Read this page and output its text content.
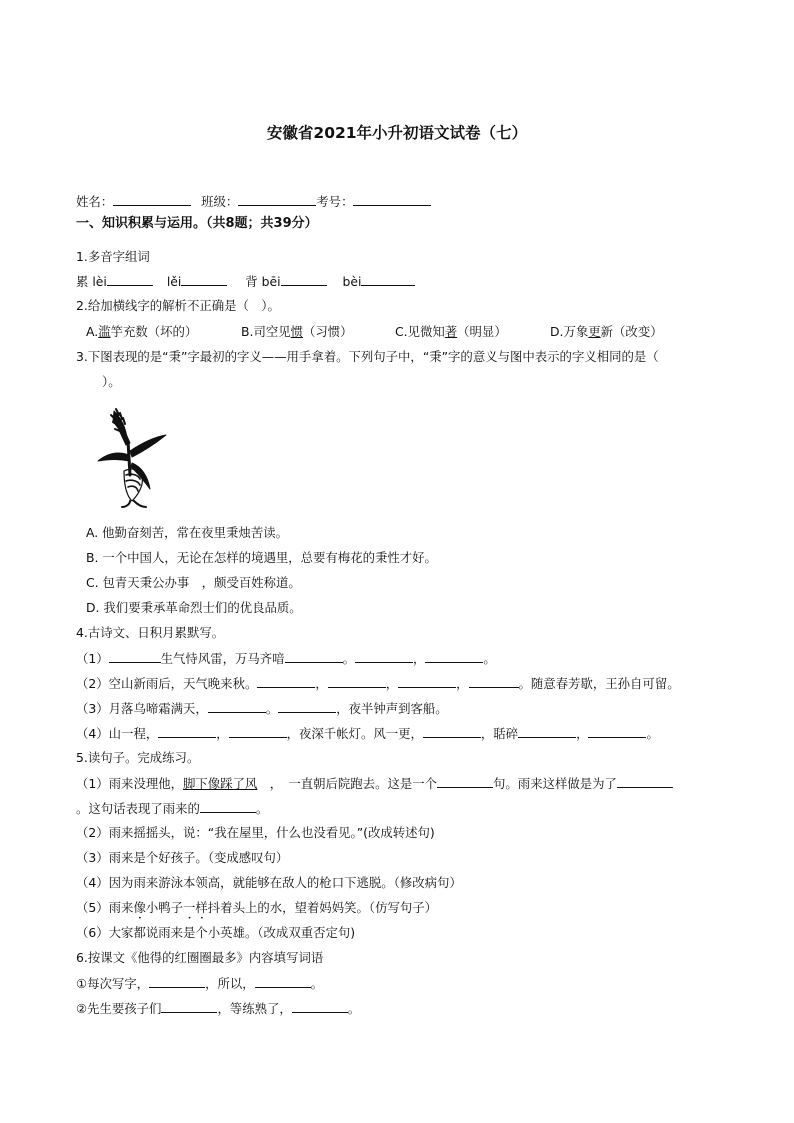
安徽省2021年小升初语文试卷（七）
姓名：	班级：	考号：
一、知识积累与运用。（共8题；共39分）
1.多音字组词
累 lèi	lěi	背 bēi	bèi
2.给加横线字的解析不正确是（　）。
A.滥竽充数（坏的）	B.司空见惯（习惯）	C.见微知著（明显）	D.万象更新（改变）
3.下图表现的是“秉”字最初的字义——用手拿着。下列句子中，“秉”字的意义与图中表示的字义相同的是（
）。
A. 他勤奋刻苦，常在夜里秉烛苦读。
B. 一个中国人，无论在怎样的境遇里，总要有梅花的秉性才好。
C. 包青天秉公办事　，颇受百姓称道。
D. 我们要秉承革命烈士们的优良品质。
4.古诗文、日积月累默写。
（1）	生气恃风雷，万马齐喑	。	，	。
（2）空山新雨后，天气晚来秋。	，	，	，	。随意春芳歇，王孙自可留。
（3）月落乌啼霜满天，	。	，夜半钟声到客船。
（4）山一程，	，	，夜深千帐灯。风一更，	，聒碎	，	。
5.读句子。完成练习。
（1）雨来没理他，脚下像踩了风　，　一直朝后院跑去。这是一个	句。雨来这样做是为了
。这句话表现了雨来的	。
（2）雨来摇摇头，说：“我在屋里，什么也没看见。”(改成转述句)
（3）雨来是个好孩子。（变成感叹句）
（4）因为雨来游泳本领高，就能够在敌人的枪口下逃脱。（修改病句）
（5）雨来像小鸭子一样抖着头上的水，望着妈妈笑。（仿写句子）
（6）大家都说雨来是个小英雄。（改成双重否定句)
6.按课文《他得的红圈圈最多》内容填写词语
①每次写字，	，所以，	。
②先生要孩子们	，等练熟了，	。
